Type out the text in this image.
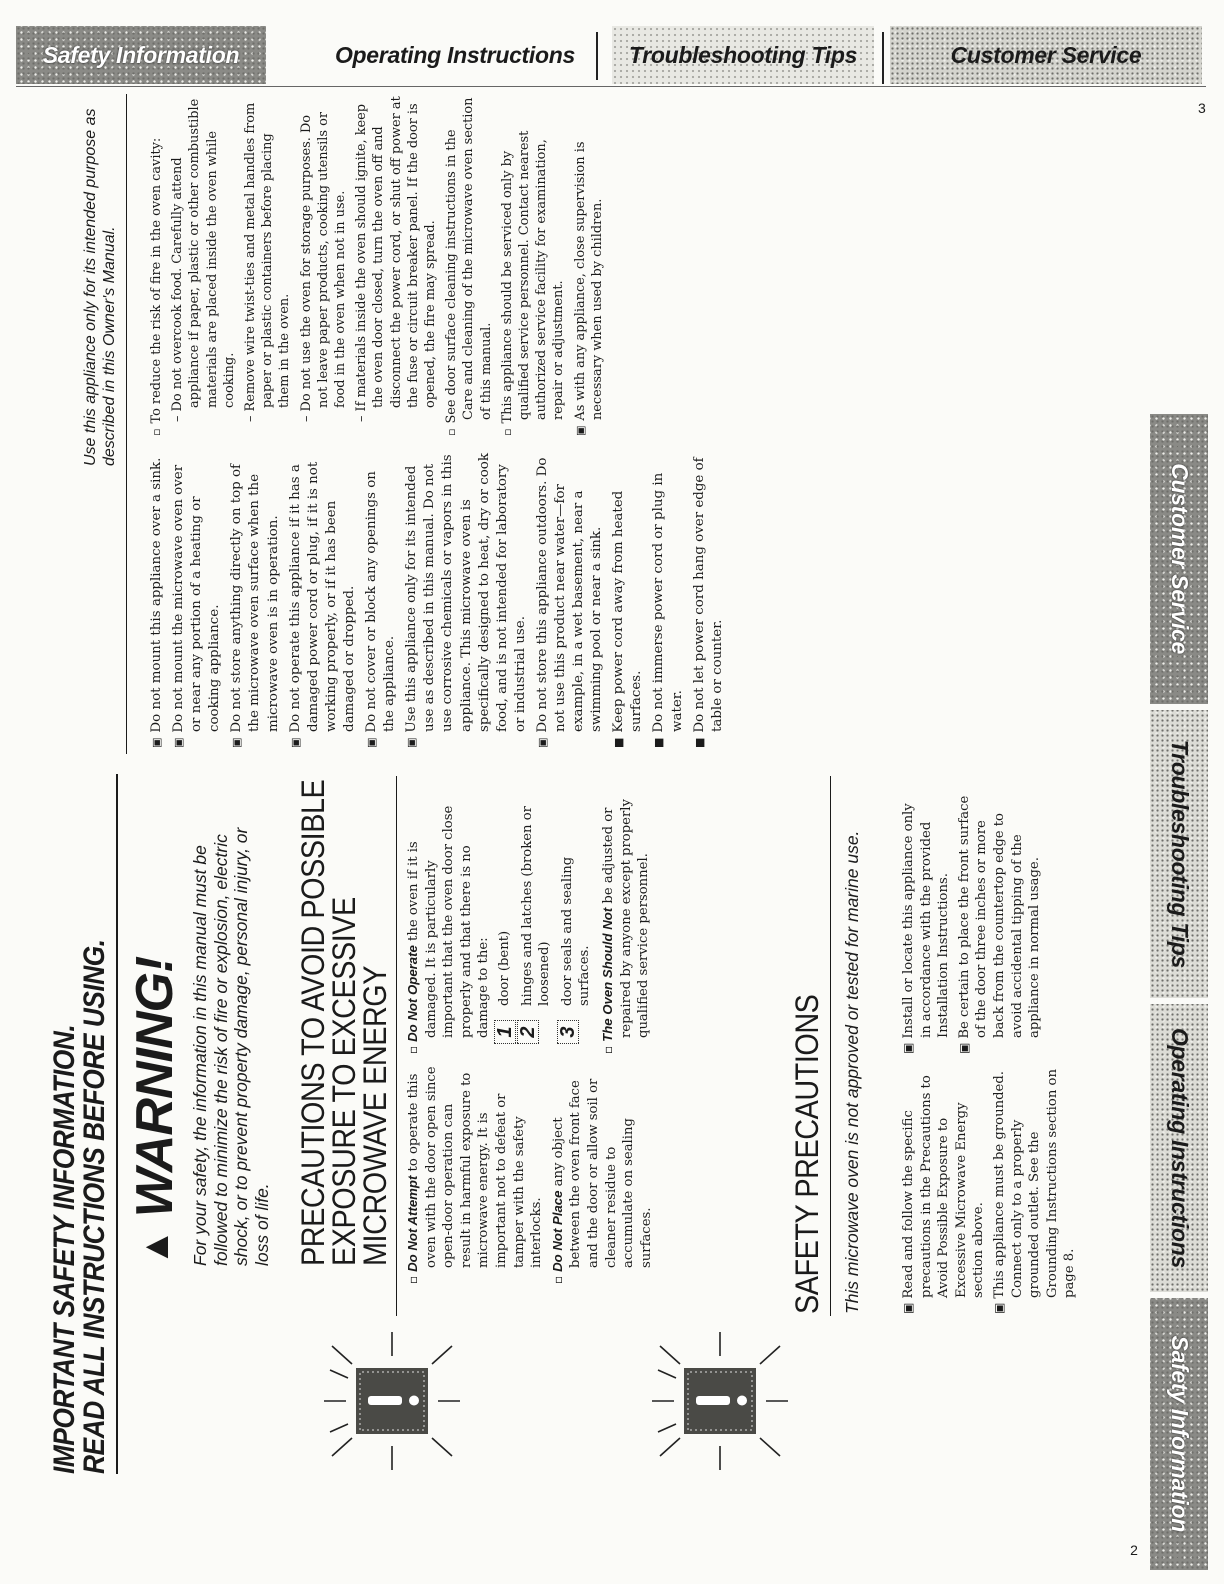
Safety Information	Operating Instructions Troubleshooting Tips	Customer Service
3
IMPORTANT SAFETY INFORMATION.
READ ALL INSTRUCTIONS BEFORE USING. ▲WARNING! For your safety, the information in this manual must be followed to minimize the risk of fire or explosion, electric shock, or to prevent property damage, personal injury, or loss of life. PRECAUTIONS TO AVOID POSSIBLE
EXPOSURE TO EXCESSIVE
MICROWAVE ENERGY

▫Do Not Attempt to operate this oven with the door open since open-door operation can result in harmful exposure to microwave energy. It is important not to defeat or tamper with the safety interlocks.

▫Do Not Place any object between the oven front face and the door or allow soil or cleaner residue to accumulate on sealing surfaces.

▫Do Not Operate the oven if it is damaged. It is particularly important that the oven door close properly and that there is no damage to the: 1
door (bent)

2
hinges and latches (broken or loosened)

3
door seals and sealing surfaces.

▫The Oven Should Not be adjusted or repaired by anyone except properly qualified service personnel.

SAFETY PRECAUTIONS This microwave oven is not approved or tested for marine use.	▣Read and follow the specific precautions in the Precautions to Avoid Possible Exposure to Excessive Microwave Energy section above.

▣This appliance must be grounded. Connect only to a properly grounded outlet. See the Grounding Instructions section on page 8.

▣Install or locate this appliance only in accordance with the provided Installation Instructions.

▣Be certain to place the front surface of the door three inches or more back from the countertop edge to avoid accidental tipping of the appliance in normal usage.

Use this appliance only for its intended purpose as described in this Owner's Manual.

▣Do not mount this appliance over a sink.

▣Do not mount the microwave oven over or near any portion of a heating or cooking appliance.

▣Do not store anything directly on top of the microwave oven surface when the microwave oven is in operation.

▣Do not operate this appliance if it has a damaged power cord or plug, if it is not working properly, or if it has been damaged or dropped.

▣Do not cover or block any openings on the appliance.

▣Use this appliance only for its intended use as described in this manual. Do not use corrosive chemicals or vapors in this appliance. This microwave oven is specifically designed to heat, dry or cook food, and is not intended for laboratory or industrial use.

▣Do not store this appliance outdoors. Do not use this product near water—for example, in a wet basement, near a swimming pool or near a sink.

■Keep power cord away from heated surfaces.

■Do not immerse power cord or plug in water.

■Do not let power cord hang over edge of table or counter.

▫To reduce the risk of fire in the oven cavity: – Do not overcook food. Carefully attend appliance if paper, plastic or other combustible materials are placed inside the oven while cooking.

– Remove wire twist-ties and metal handles from paper or plastic containers before placing them in the oven.

– Do not use the oven for storage purposes. Do not leave paper products, cooking utensils or food in the oven when not in use.

– If materials inside the oven should ignite, keep the oven door closed, turn the oven off and disconnect the power cord, or shut off power at the fuse or circuit breaker panel. If the door is opened, the fire may spread.

▫See door surface cleaning instructions in the Care and cleaning of the microwave oven section of this manual.

▫This appliance should be serviced only by qualified service personnel. Contact nearest authorized service facility for examination, repair or adjustment.

▣As with any appliance, close supervision is necessary when used by children.

Safety Information
Operating Instructions
Troubleshooting Tips
Customer Service
2
